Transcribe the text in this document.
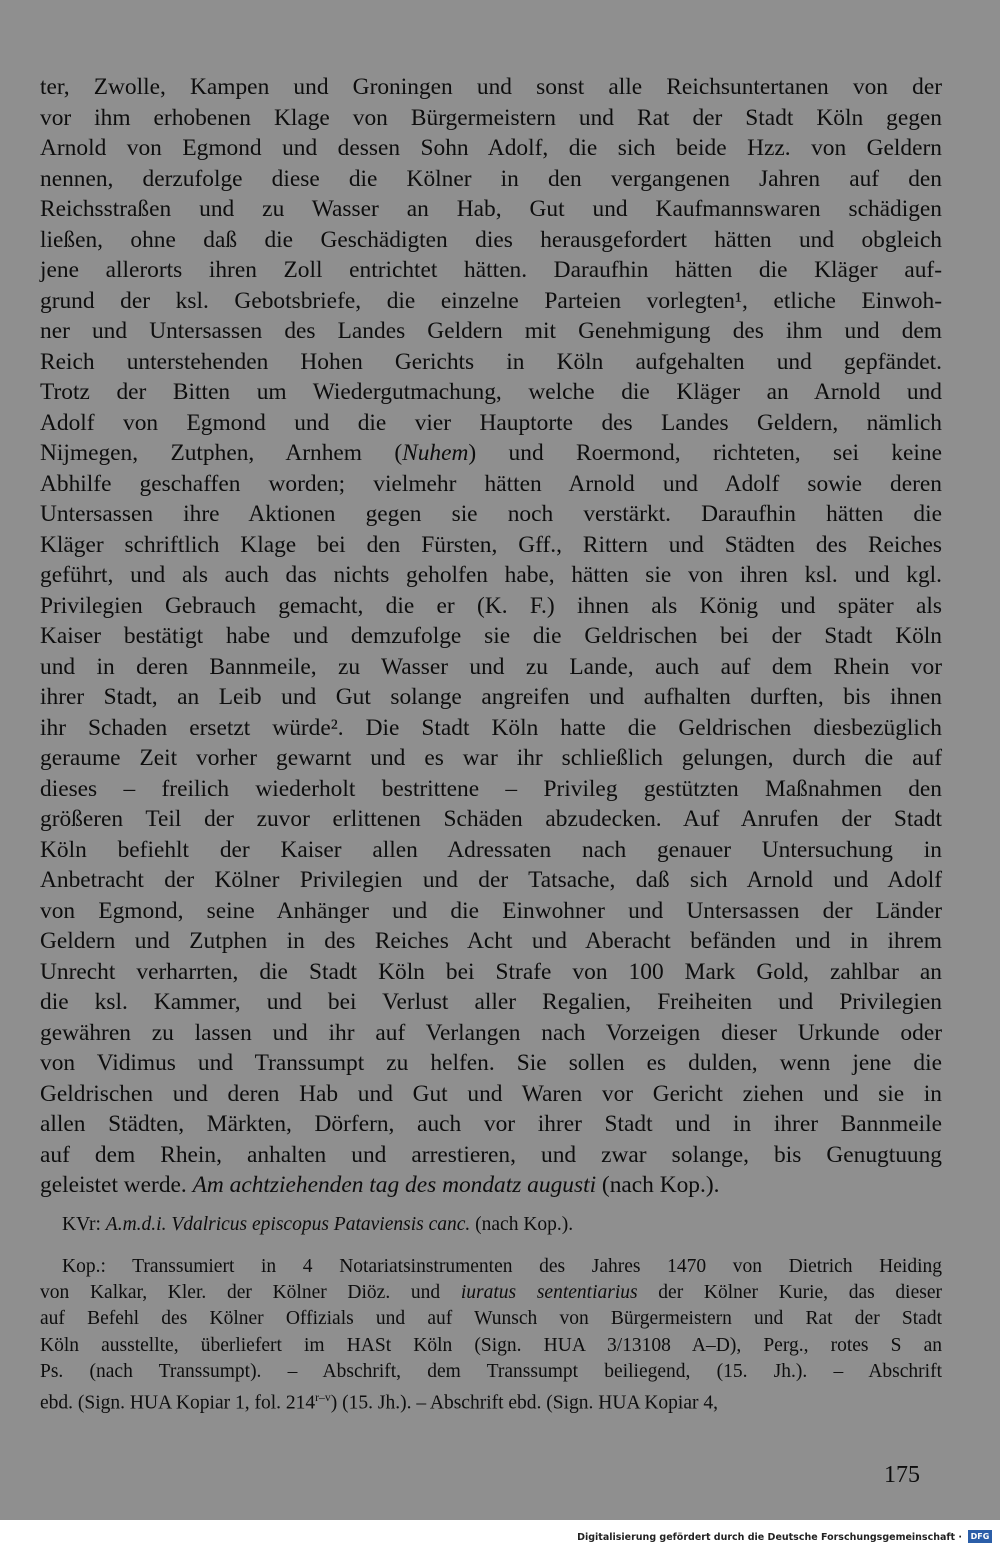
ter, Zwolle, Kampen und Groningen und sonst alle Reichsuntertanen von der
vor ihm erhobenen Klage von Bürgermeistern und Rat der Stadt Köln gegen
Arnold von Egmond und dessen Sohn Adolf, die sich beide Hzz. von Geldern
nennen, derzufolge diese die Kölner in den vergangenen Jahren auf den
Reichsstraßen und zu Wasser an Hab, Gut und Kaufmannswaren schädigen
ließen, ohne daß die Geschädigten dies herausgefordert hätten und obgleich
jene allerorts ihren Zoll entrichtet hätten. Daraufhin hätten die Kläger auf-
grund der ksl. Gebotsbriefe, die einzelne Parteien vorlegten¹, etliche Einwoh-
ner und Untersassen des Landes Geldern mit Genehmigung des ihm und dem
Reich unterstehenden Hohen Gerichts in Köln aufgehalten und gepfändet.
Trotz der Bitten um Wiedergutmachung, welche die Kläger an Arnold und
Adolf von Egmond und die vier Hauptorte des Landes Geldern, nämlich
Nijmegen, Zutphen, Arnhem (Nuhem) und Roermond, richteten, sei keine
Abhilfe geschaffen worden; vielmehr hätten Arnold und Adolf sowie deren
Untersassen ihre Aktionen gegen sie noch verstärkt. Daraufhin hätten die
Kläger schriftlich Klage bei den Fürsten, Gff., Rittern und Städten des Reiches
geführt, und als auch das nichts geholfen habe, hätten sie von ihren ksl. und kgl.
Privilegien Gebrauch gemacht, die er (K. F.) ihnen als König und später als
Kaiser bestätigt habe und demzufolge sie die Geldrischen bei der Stadt Köln
und in deren Bannmeile, zu Wasser und zu Lande, auch auf dem Rhein vor
ihrer Stadt, an Leib und Gut solange angreifen und aufhalten durften, bis ihnen
ihr Schaden ersetzt würde². Die Stadt Köln hatte die Geldrischen diesbezüglich
geraume Zeit vorher gewarnt und es war ihr schließlich gelungen, durch die auf
dieses – freilich wiederholt bestrittene – Privileg gestützten Maßnahmen den
größeren Teil der zuvor erlittenen Schäden abzudecken. Auf Anrufen der Stadt
Köln befiehlt der Kaiser allen Adressaten nach genauer Untersuchung in
Anbetracht der Kölner Privilegien und der Tatsache, daß sich Arnold und Adolf
von Egmond, seine Anhänger und die Einwohner und Untersassen der Länder
Geldern und Zutphen in des Reiches Acht und Aberacht befänden und in ihrem
Unrecht verharrten, die Stadt Köln bei Strafe von 100 Mark Gold, zahlbar an
die ksl. Kammer, und bei Verlust aller Regalien, Freiheiten und Privilegien
gewähren zu lassen und ihr auf Verlangen nach Vorzeigen dieser Urkunde oder
von Vidimus und Transsumpt zu helfen. Sie sollen es dulden, wenn jene die
Geldrischen und deren Hab und Gut und Waren vor Gericht ziehen und sie in
allen Städten, Märkten, Dörfern, auch vor ihrer Stadt und in ihrer Bannmeile
auf dem Rhein, anhalten und arrestieren, und zwar solange, bis Genugtuung
geleistet werde. Am achtziehenden tag des mondatz augusti (nach Kop.).
KVr: A.m.d.i. Vdalricus episcopus Pataviensis canc. (nach Kop.).
Kop.: Transsumiert in 4 Notariatsinstrumenten des Jahres 1470 von Dietrich Heiding
von Kalkar, Kler. der Kölner Diöz. und iuratus sententiarius der Kölner Kurie, das dieser
auf Befehl des Kölner Offizials und auf Wunsch von Bürgermeistern und Rat der Stadt
Köln ausstellte, überliefert im HASt Köln (Sign. HUA 3/13108 A–D), Perg., rotes S an
Ps. (nach Transsumpt). – Abschrift, dem Transsumpt beiliegend, (15. Jh.). – Abschrift
ebd. (Sign. HUA Kopiar 1, fol. 214$^{r-v}$) (15. Jh.). – Abschrift ebd. (Sign. HUA Kopiar 4,
175
Digitalisierung gefördert durch die Deutsche Forschungsgemeinschaft ·	DFG
